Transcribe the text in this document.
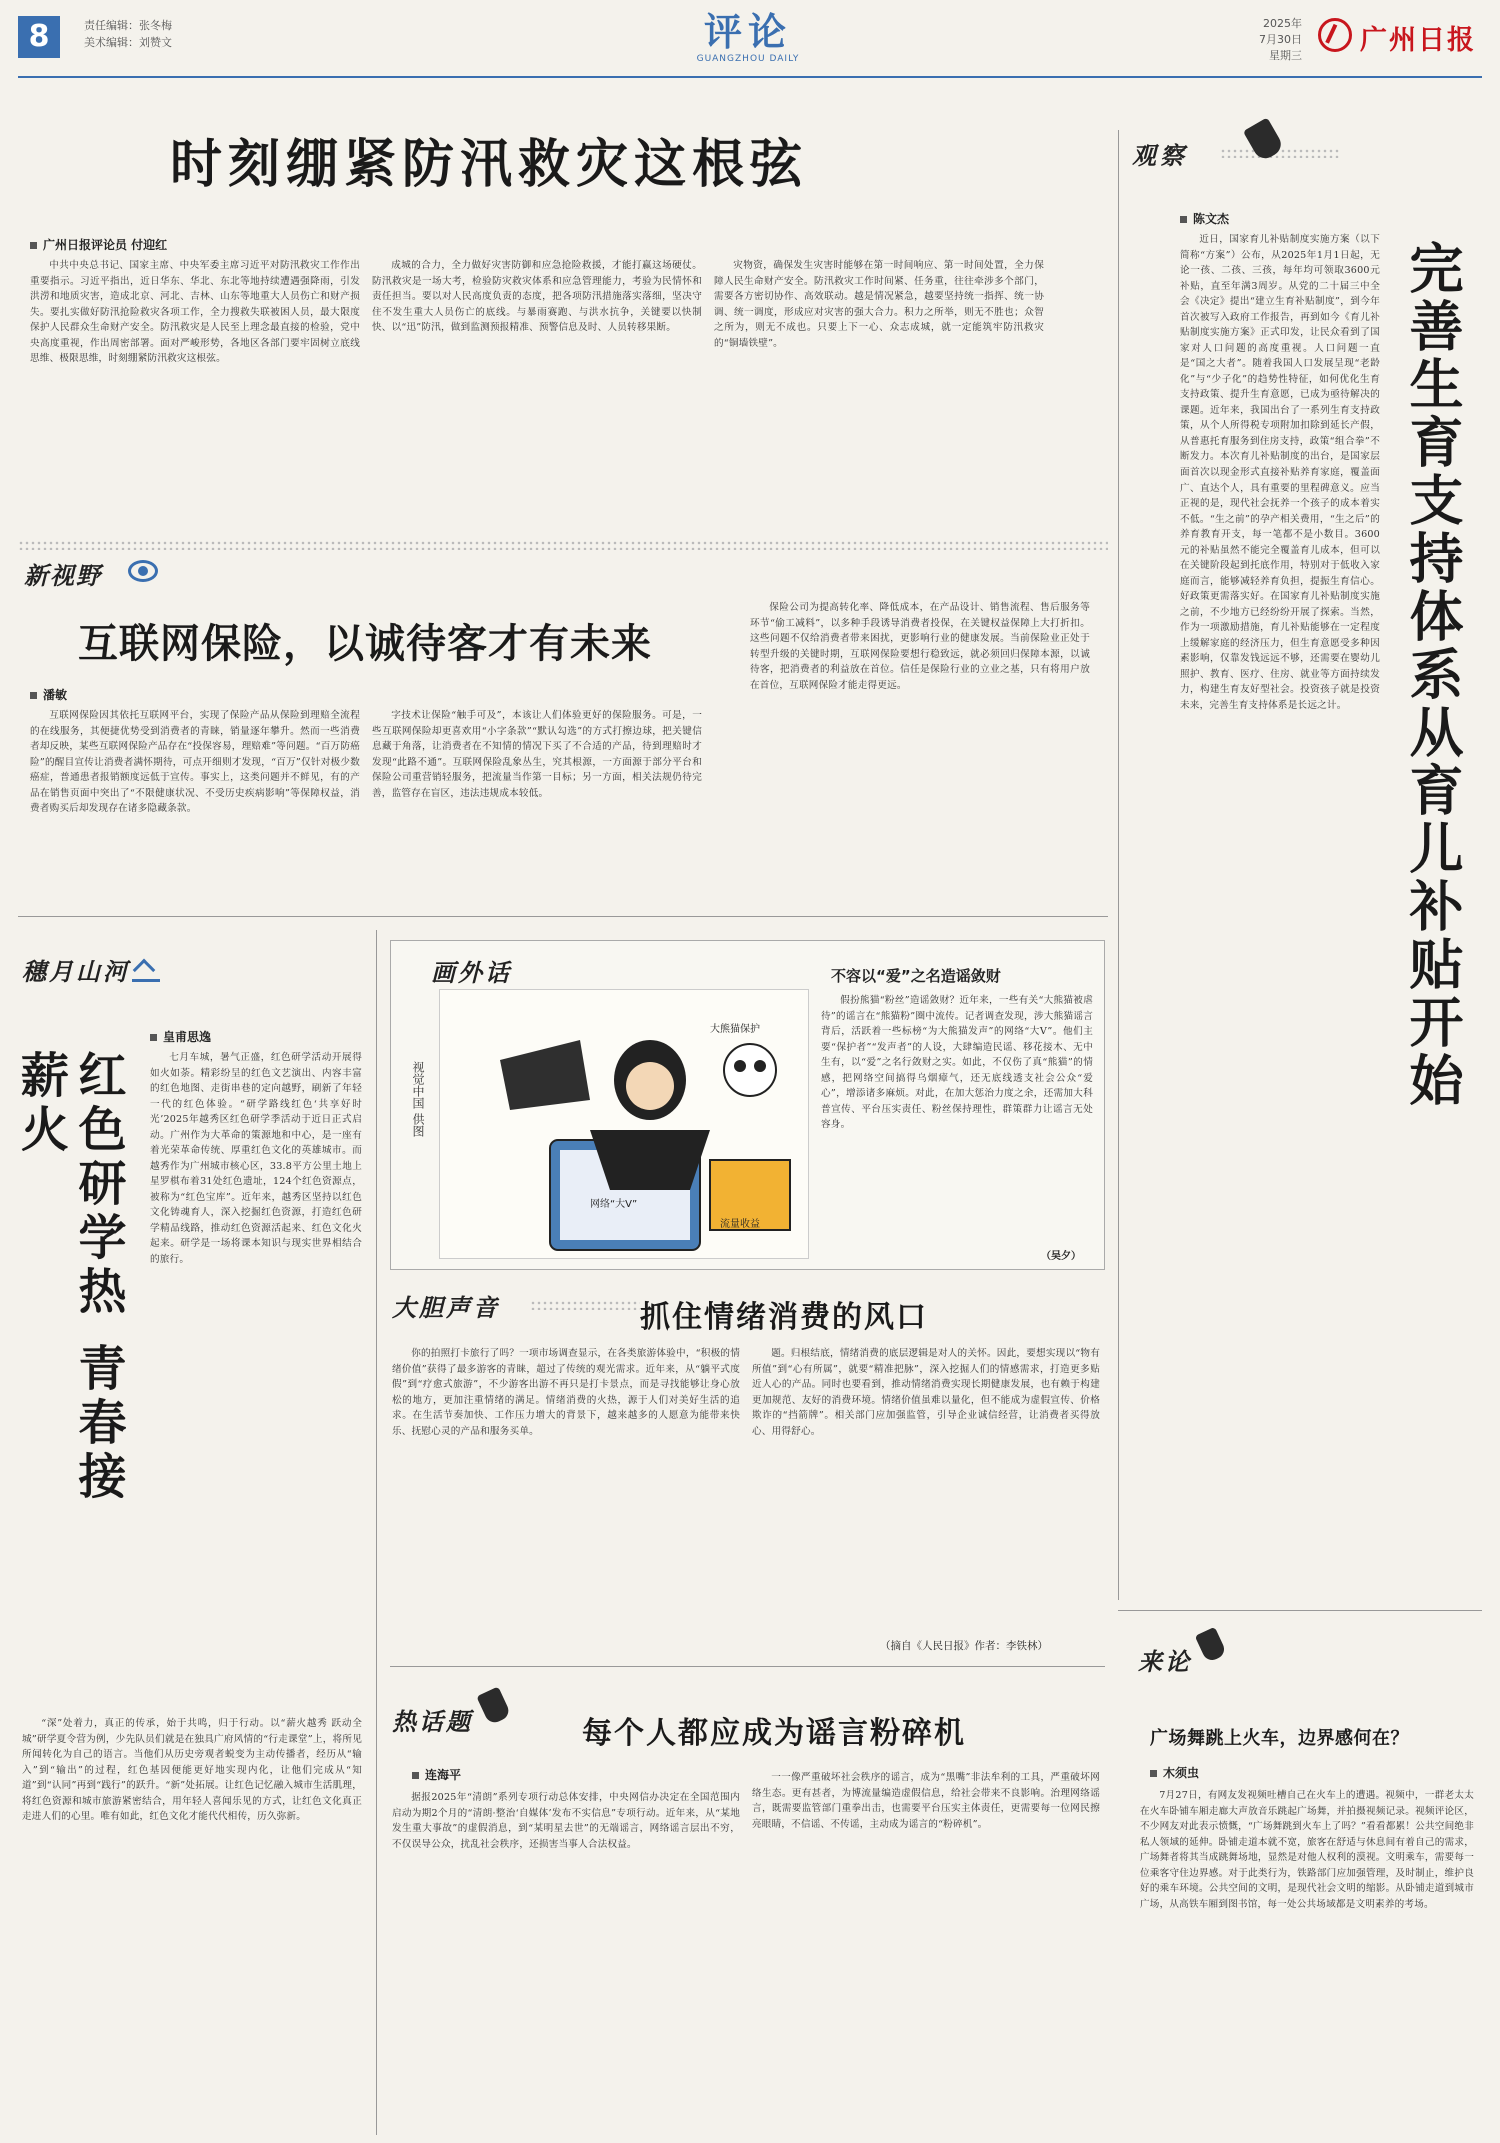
8	责任编辑：张冬梅
美术编辑：刘赞文	评论
GUANGZHOU DAILY
2025年
7月30日
星期三 广州日报
时刻绷紧防汛救灾这根弦
广州日报评论员 付迎红

中共中央总书记、国家主席、中央军委主席习近平对防汛救灾工作作出重要指示。习近平指出，近日华东、华北、东北等地持续遭遇强降雨，引发洪涝和地质灾害，造成北京、河北、吉林、山东等地重大人员伤亡和财产损失。要扎实做好防汛抢险救灾各项工作，全力搜救失联被困人员，最大限度保护人民群众生命财产安全。防汛救灾是人民至上理念最直接的检验，党中央高度重视，作出周密部署。面对严峻形势，各地区各部门要牢固树立底线思维、极限思维，时刻绷紧防汛救灾这根弦。

成城的合力，全力做好灾害防御和应急抢险救援，才能打赢这场硬仗。防汛救灾是一场大考，检验防灾救灾体系和应急管理能力，考验为民情怀和责任担当。要以对人民高度负责的态度，把各项防汛措施落实落细，坚决守住不发生重大人员伤亡的底线。与暴雨赛跑、与洪水抗争，关键要以快制快、以“迅”防汛，做到监测预报精准、预警信息及时、人员转移果断。

灾物资，确保发生灾害时能够在第一时间响应、第一时间处置，全力保障人民生命财产安全。防汛救灾工作时间紧、任务重，往往牵涉多个部门，需要各方密切协作、高效联动。越是情况紧急，越要坚持统一指挥、统一协调、统一调度，形成应对灾害的强大合力。积力之所举，则无不胜也；众智之所为，则无不成也。只要上下一心、众志成城，就一定能筑牢防汛救灾的“铜墙铁壁”。

观察
陈文杰

近日，国家育儿补贴制度实施方案（以下简称“方案”）公布，从2025年1月1日起，无论一孩、二孩、三孩，每年均可领取3600元补贴，直至年满3周岁。从党的二十届三中全会《决定》提出“建立生育补贴制度”，到今年首次被写入政府工作报告，再到如今《育儿补贴制度实施方案》正式印发，让民众看到了国家对人口问题的高度重视。人口问题一直是“国之大者”。随着我国人口发展呈现“老龄化”与“少子化”的趋势性特征，如何优化生育支持政策、提升生育意愿，已成为亟待解决的课题。近年来，我国出台了一系列生育支持政策，从个人所得税专项附加扣除到延长产假，从普惠托育服务到住房支持，政策“组合拳”不断发力。本次育儿补贴制度的出台，是国家层面首次以现金形式直接补贴养育家庭，覆盖面广、直达个人，具有重要的里程碑意义。应当正视的是，现代社会抚养一个孩子的成本着实不低。“生之前”的孕产相关费用，“生之后”的养育教育开支，每一笔都不是小数目。3600元的补贴虽然不能完全覆盖育儿成本，但可以在关键阶段起到托底作用，特别对于低收入家庭而言，能够减轻养育负担，提振生育信心。好政策更需落实好。在国家育儿补贴制度实施之前，不少地方已经纷纷开展了探索。当然，作为一项激励措施，育儿补贴能够在一定程度上缓解家庭的经济压力，但生育意愿受多种因素影响，仅靠发钱远远不够，还需要在婴幼儿照护、教育、医疗、住房、就业等方面持续发力，构建生育友好型社会。投资孩子就是投资未来，完善生育支持体系是长远之计。	完善生育支持体系从育儿补贴开始
新视野
互联网保险，以诚待客才有未来
潘敏

互联网保险因其依托互联网平台，实现了保险产品从保险到理赔全流程的在线服务，其便捷优势受到消费者的青睐，销量逐年攀升。然而一些消费者却反映，某些互联网保险产品存在“投保容易，理赔难”等问题。“百万防癌险”的醒目宣传让消费者满怀期待，可点开细则才发现，“百万”仅针对极少数癌症，普通患者报销额度远低于宣传。事实上，这类问题并不鲜见，有的产品在销售页面中突出了“不限健康状况、不受历史疾病影响”等保障权益，消费者购买后却发现存在诸多隐藏条款。

字技术让保险“触手可及”，本该让人们体验更好的保险服务。可是，一些互联网保险却更喜欢用“小字条款”“默认勾选”的方式打擦边球，把关键信息藏于角落，让消费者在不知情的情况下买了不合适的产品，待到理赔时才发现“此路不通”。互联网保险乱象丛生，究其根源，一方面源于部分平台和保险公司重营销轻服务，把流量当作第一目标；另一方面，相关法规仍待完善，监管存在盲区，违法违规成本较低。

保险公司为提高转化率、降低成本，在产品设计、销售流程、售后服务等环节“偷工减料”，以多种手段诱导消费者投保，在关键权益保障上大打折扣。这些问题不仅给消费者带来困扰，更影响行业的健康发展。当前保险业正处于转型升级的关键时期，互联网保险要想行稳致远，就必须回归保障本源，以诚待客，把消费者的利益放在首位。信任是保险行业的立业之基，只有将用户放在首位，互联网保险才能走得更远。

穗月山河
红色研学热 青春接薪火
皇甫思逸

七月车城，暑气正盛，红色研学活动开展得如火如荼。精彩纷呈的红色文艺演出、内容丰富的红色地图、走街串巷的定向越野，刷新了年轻一代的红色体验。“研学路线红色‘共享好时光’2025年越秀区红色研学季活动于近日正式启动。广州作为大革命的策源地和中心，是一座有着光荣革命传统、厚重红色文化的英雄城市。而越秀作为广州城市核心区，33.8平方公里土地上星罗棋布着31处红色遗址，124个红色资源点，被称为“红色宝库”。近年来，越秀区坚持以红色文化铸魂育人，深入挖掘红色资源，打造红色研学精品线路，推动红色资源活起来、红色文化火起来。研学是一场将课本知识与现实世界相结合的旅行。

“深”处着力，真正的传承，始于共鸣，归于行动。以“薪火越秀 跃动全城”研学夏令营为例，少先队员们就是在独具广府风情的“行走课堂”上，将所见所闻转化为自己的语言。当他们从历史旁观者蜕变为主动传播者，经历从“输入”到“输出”的过程，红色基因便能更好地实现内化，让他们完成从“知道”到“认同”再到“践行”的跃升。“新”处拓展。让红色记忆融入城市生活肌理，将红色资源和城市旅游紧密结合，用年轻人喜闻乐见的方式，让红色文化真正走进人们的心里。唯有如此，红色文化才能代代相传，历久弥新。

画外话
视觉中国 供图
流量收益
网络“大V”
大熊猫保护
不容以“爱”之名造谣敛财

假扮熊猫“粉丝”造谣敛财？近年来，一些有关“大熊猫被虐待”的谣言在“熊猫粉”圈中流传。记者调查发现，涉大熊猫谣言背后，活跃着一些标榜“为大熊猫发声”的网络“大V”。他们主要“保护者”“发声者”的人设，大肆编造民谣、移花接木、无中生有，以“爱”之名行敛财之实。如此，不仅伤了真“熊猫”的情感，把网络空间搞得乌烟瘴气，还无底线透支社会公众“爱心”，增添诸多麻烦。对此，在加大惩治力度之余，还需加大科普宣传、平台压实责任、粉丝保持理性，群策群力让谣言无处容身。

（吴夕）
大胆声音	抓住情绪消费的风口

你的拍照打卡旅行了吗？一项市场调查显示，在各类旅游体验中，“积极的情绪价值”获得了最多游客的青睐，超过了传统的观光需求。近年来，从“躺平式度假”到“疗愈式旅游”，不少游客出游不再只是打卡景点，而是寻找能够让身心放松的地方，更加注重情绪的满足。情绪消费的火热，源于人们对美好生活的追求。在生活节奏加快、工作压力增大的背景下，越来越多的人愿意为能带来快乐、抚慰心灵的产品和服务买单。

题。归根结底，情绪消费的底层逻辑是对人的关怀。因此，要想实现以“物有所值”到“心有所属”，就要“精准把脉”，深入挖掘人们的情感需求，打造更多贴近人心的产品。同时也要看到，推动情绪消费实现长期健康发展，也有赖于构建更加规范、友好的消费环境。情绪价值虽难以量化，但不能成为虚假宣传、价格欺诈的“挡箭牌”。相关部门应加强监管，引导企业诚信经营，让消费者买得放心、用得舒心。

（摘自《人民日报》作者：李铁林）
热话题	每个人都应成为谣言粉碎机
连海平

据报2025年“清朗”系列专项行动总体安排，中央网信办决定在全国范围内启动为期2个月的“清朗·整治‘自媒体’发布不实信息”专项行动。近年来，从“某地发生重大事故”的虚假消息，到“某明星去世”的无端谣言，网络谣言层出不穷，不仅误导公众，扰乱社会秩序，还损害当事人合法权益。

一一像严重破坏社会秩序的谣言，成为“黑嘴”非法牟利的工具，严重破坏网络生态。更有甚者，为博流量编造虚假信息，给社会带来不良影响。治理网络谣言，既需要监管部门重拳出击，也需要平台压实主体责任，更需要每一位网民擦亮眼睛，不信谣、不传谣，主动成为谣言的“粉碎机”。

来论
广场舞跳上火车，边界感何在？
木须虫

7月27日，有网友发视频吐槽自己在火车上的遭遇。视频中，一群老太太在火车卧铺车厢走廊大声放音乐跳起广场舞，并拍摄视频记录。视频评论区，不少网友对此表示愤慨，“广场舞跳到火车上了吗？”看看都累！公共空间绝非私人领域的延伸。卧铺走道本就不宽，旅客在舒适与休息间有着自己的需求，广场舞者将其当成跳舞场地，显然是对他人权利的漠视。文明乘车，需要每一位乘客守住边界感。对于此类行为，铁路部门应加强管理，及时制止，维护良好的乘车环境。公共空间的文明，是现代社会文明的缩影。从卧铺走道到城市广场，从高铁车厢到图书馆，每一处公共场域都是文明素养的考场。
